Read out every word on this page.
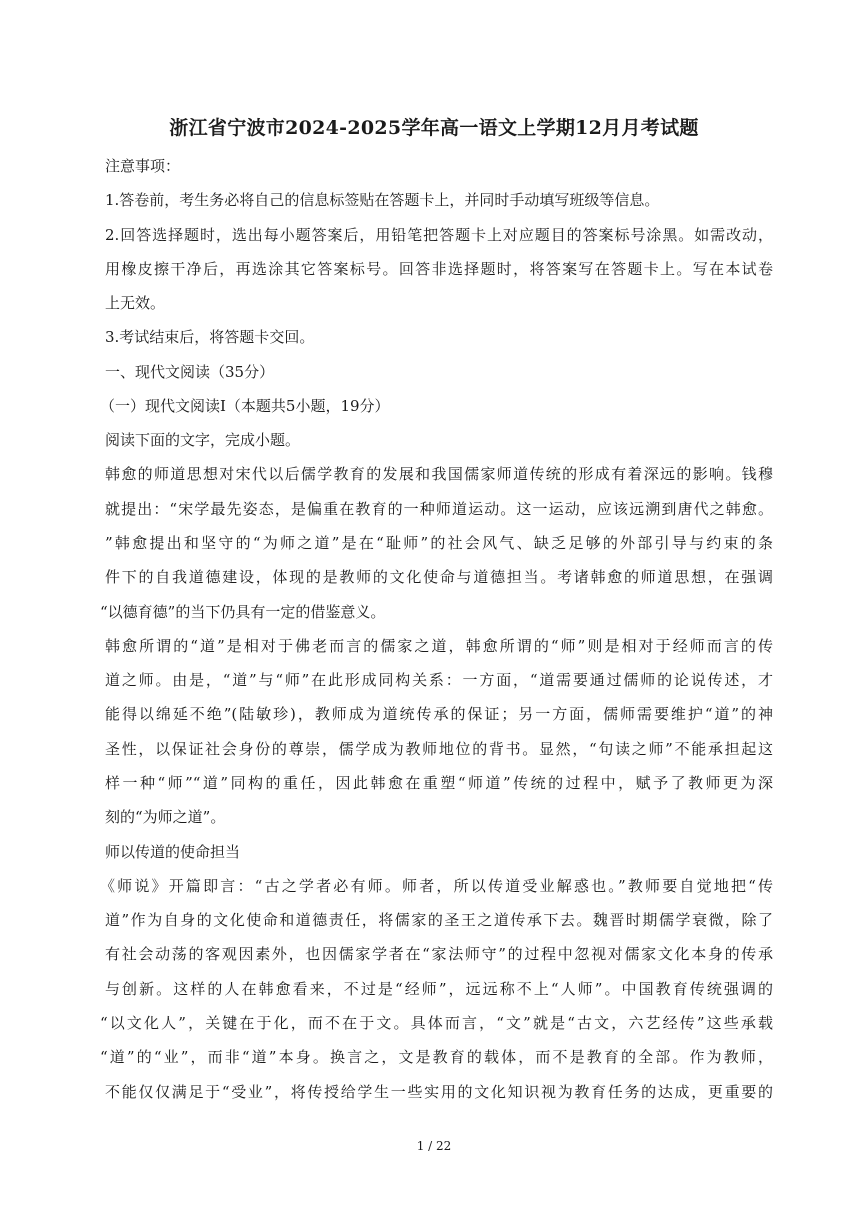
浙江省宁波市2024-2025学年高一语文上学期12月月考试题
注意事项：
1.答卷前，考生务必将自己的信息标签贴在答题卡上，并同时手动填写班级等信息。
2.回答选择题时，选出每小题答案后，用铅笔把答题卡上对应题目的答案标号涂黑。如需改动，
用橡皮擦干净后，再选涂其它答案标号。回答非选择题时，将答案写在答题卡上。写在本试卷
上无效。
3.考试结束后，将答题卡交回。
一、现代文阅读（35分）
（一）现代文阅读Ⅰ（本题共5小题，19分）
阅读下面的文字，完成小题。
韩愈的师道思想对宋代以后儒学教育的发展和我国儒家师道传统的形成有着深远的影响。钱穆
就提出：“宋学最先姿态，是偏重在教育的一种师道运动。这一运动，应该远溯到唐代之韩愈。
”韩愈提出和坚守的“为师之道”是在“耻师”的社会风气、缺乏足够的外部引导与约束的条
件下的自我道德建设，体现的是教师的文化使命与道德担当。考诸韩愈的师道思想，在强调
“以德育德”的当下仍具有一定的借鉴意义。
韩愈所谓的“道”是相对于佛老而言的儒家之道，韩愈所谓的“师”则是相对于经师而言的传
道之师。由是，“道”与“师”在此形成同构关系：一方面，“道需要通过儒师的论说传述，才
能得以绵延不绝”(陆敏珍)，教师成为道统传承的保证；另一方面，儒师需要维护“道”的神
圣性，以保证社会身份的尊崇，儒学成为教师地位的背书。显然，“句读之师”不能承担起这
样一种“师”“道”同构的重任，因此韩愈在重塑“师道”传统的过程中，赋予了教师更为深
刻的“为师之道”。
师以传道的使命担当
《师说》开篇即言：“古之学者必有师。师者，所以传道受业解惑也。”教师要自觉地把“传
道”作为自身的文化使命和道德责任，将儒家的圣王之道传承下去。魏晋时期儒学衰微，除了
有社会动荡的客观因素外，也因儒家学者在“家法师守”的过程中忽视对儒家文化本身的传承
与创新。这样的人在韩愈看来，不过是“经师”，远远称不上“人师”。中国教育传统强调的
“以文化人”，关键在于化，而不在于文。具体而言，“文”就是“古文，六艺经传”这些承载
“道”的“业”，而非“道”本身。换言之，文是教育的载体，而不是教育的全部。作为教师，
不能仅仅满足于“受业”，将传授给学生一些实用的文化知识视为教育任务的达成，更重要的
1 / 22
